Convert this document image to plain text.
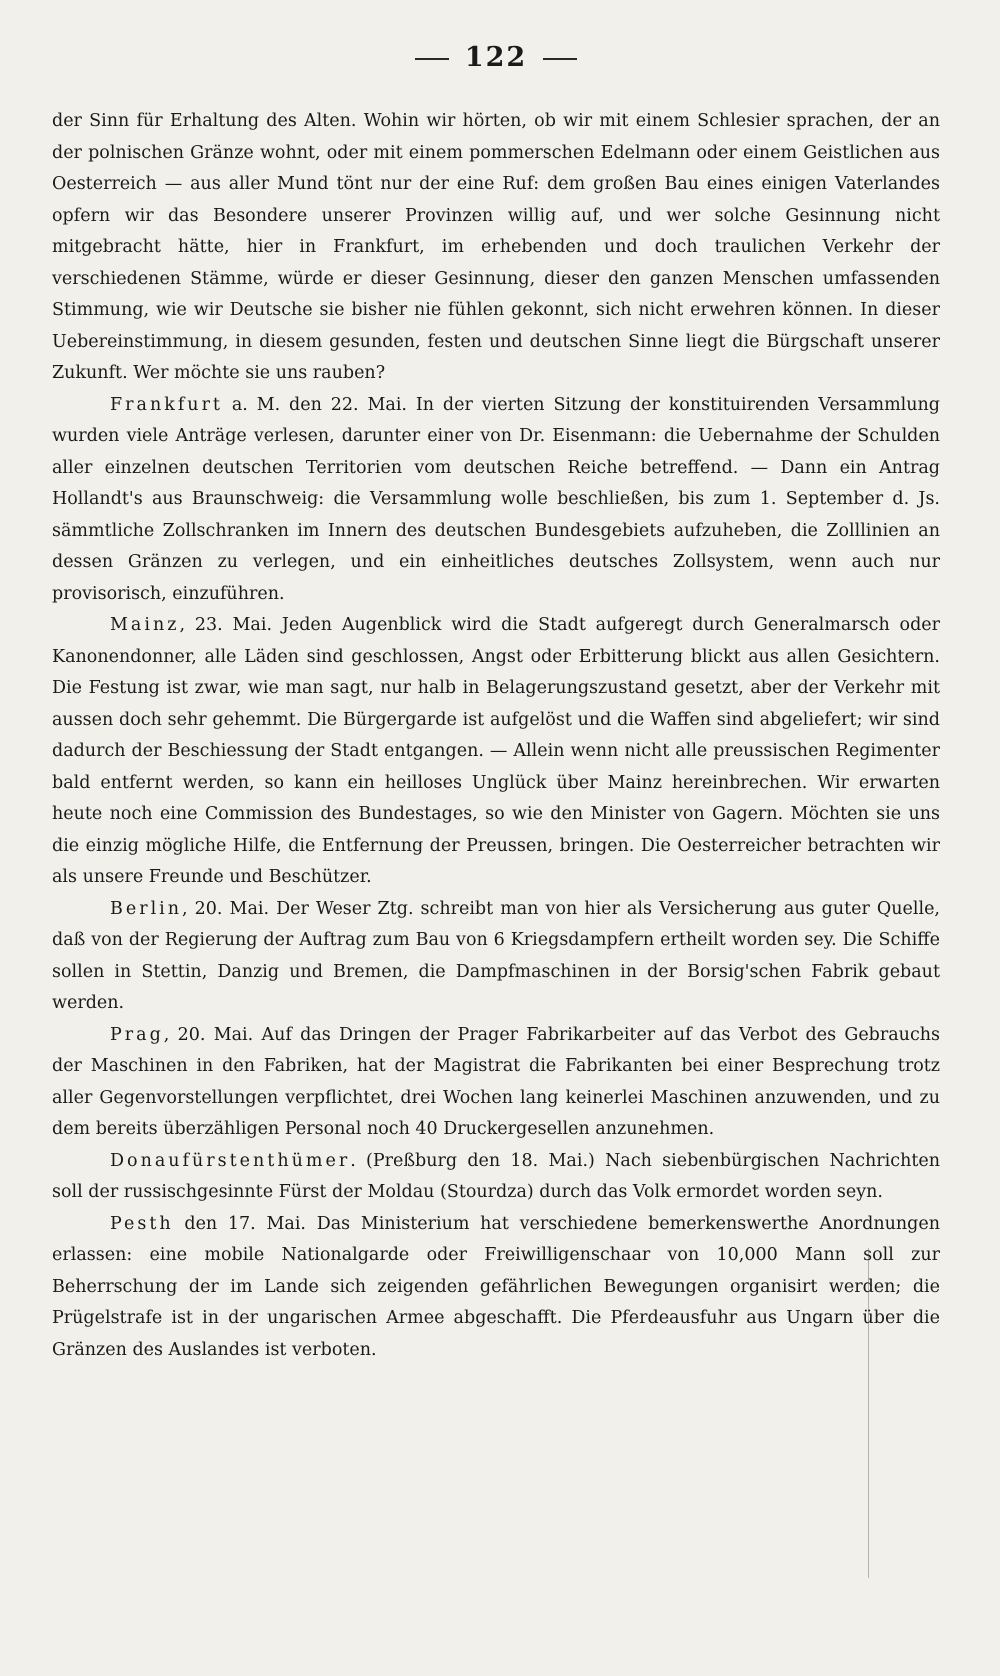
122

der Sinn für Erhaltung des Alten. Wohin wir hörten, ob wir mit einem Schlesier sprachen, der an der polnischen Gränze wohnt, oder mit einem pommerschen Edelmann oder einem Geistlichen aus Oesterreich — aus aller Mund tönt nur der eine Ruf: dem großen Bau eines einigen Vaterlandes opfern wir das Besondere unserer Provinzen willig auf, und wer solche Gesinnung nicht mitgebracht hätte, hier in Frankfurt, im erhebenden und doch traulichen Verkehr der verschiedenen Stämme, würde er dieser Gesinnung, dieser den ganzen Menschen umfassenden Stimmung, wie wir Deutsche sie bisher nie fühlen gekonnt, sich nicht erwehren können. In dieser Uebereinstimmung, in diesem gesunden, festen und deutschen Sinne liegt die Bürgschaft unserer Zukunft. Wer möchte sie uns rauben?

Frankfurt a. M. den 22. Mai. In der vierten Sitzung der konstituirenden Versammlung wurden viele Anträge verlesen, darunter einer von Dr. Eisenmann: die Uebernahme der Schulden aller einzelnen deutschen Territorien vom deutschen Reiche betreffend. — Dann ein Antrag Hollandt's aus Braunschweig: die Versammlung wolle beschließen, bis zum 1. September d. Js. sämmtliche Zollschranken im Innern des deutschen Bundesgebiets aufzuheben, die Zolllinien an dessen Gränzen zu verlegen, und ein einheitliches deutsches Zollsystem, wenn auch nur provisorisch, einzuführen.

Mainz, 23. Mai. Jeden Augenblick wird die Stadt aufgeregt durch Generalmarsch oder Kanonendonner, alle Läden sind geschlossen, Angst oder Erbitterung blickt aus allen Gesichtern. Die Festung ist zwar, wie man sagt, nur halb in Belagerungszustand gesetzt, aber der Verkehr mit aussen doch sehr gehemmt. Die Bürgergarde ist aufgelöst und die Waffen sind abgeliefert; wir sind dadurch der Beschiessung der Stadt entgangen. — Allein wenn nicht alle preussischen Regimenter bald entfernt werden, so kann ein heilloses Unglück über Mainz hereinbrechen. Wir erwarten heute noch eine Commission des Bundestages, so wie den Minister von Gagern. Möchten sie uns die einzig mögliche Hilfe, die Entfernung der Preussen, bringen. Die Oesterreicher betrachten wir als unsere Freunde und Beschützer.

Berlin, 20. Mai. Der Weser Ztg. schreibt man von hier als Versicherung aus guter Quelle, daß von der Regierung der Auftrag zum Bau von 6 Kriegsdampfern ertheilt worden sey. Die Schiffe sollen in Stettin, Danzig und Bremen, die Dampfmaschinen in der Borsig'schen Fabrik gebaut werden.

Prag, 20. Mai. Auf das Dringen der Prager Fabrikarbeiter auf das Verbot des Gebrauchs der Maschinen in den Fabriken, hat der Magistrat die Fabrikanten bei einer Besprechung trotz aller Gegenvorstellungen verpflichtet, drei Wochen lang keinerlei Maschinen anzuwenden, und zu dem bereits überzähligen Personal noch 40 Druckergesellen anzunehmen.

Donaufürstenthümer. (Preßburg den 18. Mai.) Nach siebenbürgischen Nachrichten soll der russischgesinnte Fürst der Moldau (Stourdza) durch das Volk ermordet worden seyn.

Pesth den 17. Mai. Das Ministerium hat verschiedene bemerkenswerthe Anordnungen erlassen: eine mobile Nationalgarde oder Freiwilligenschaar von 10,000 Mann soll zur Beherrschung der im Lande sich zeigenden gefährlichen Bewegungen organisirt werden; die Prügelstrafe ist in der ungarischen Armee abgeschafft. Die Pferdeausfuhr aus Ungarn über die Gränzen des Auslandes ist verboten.
